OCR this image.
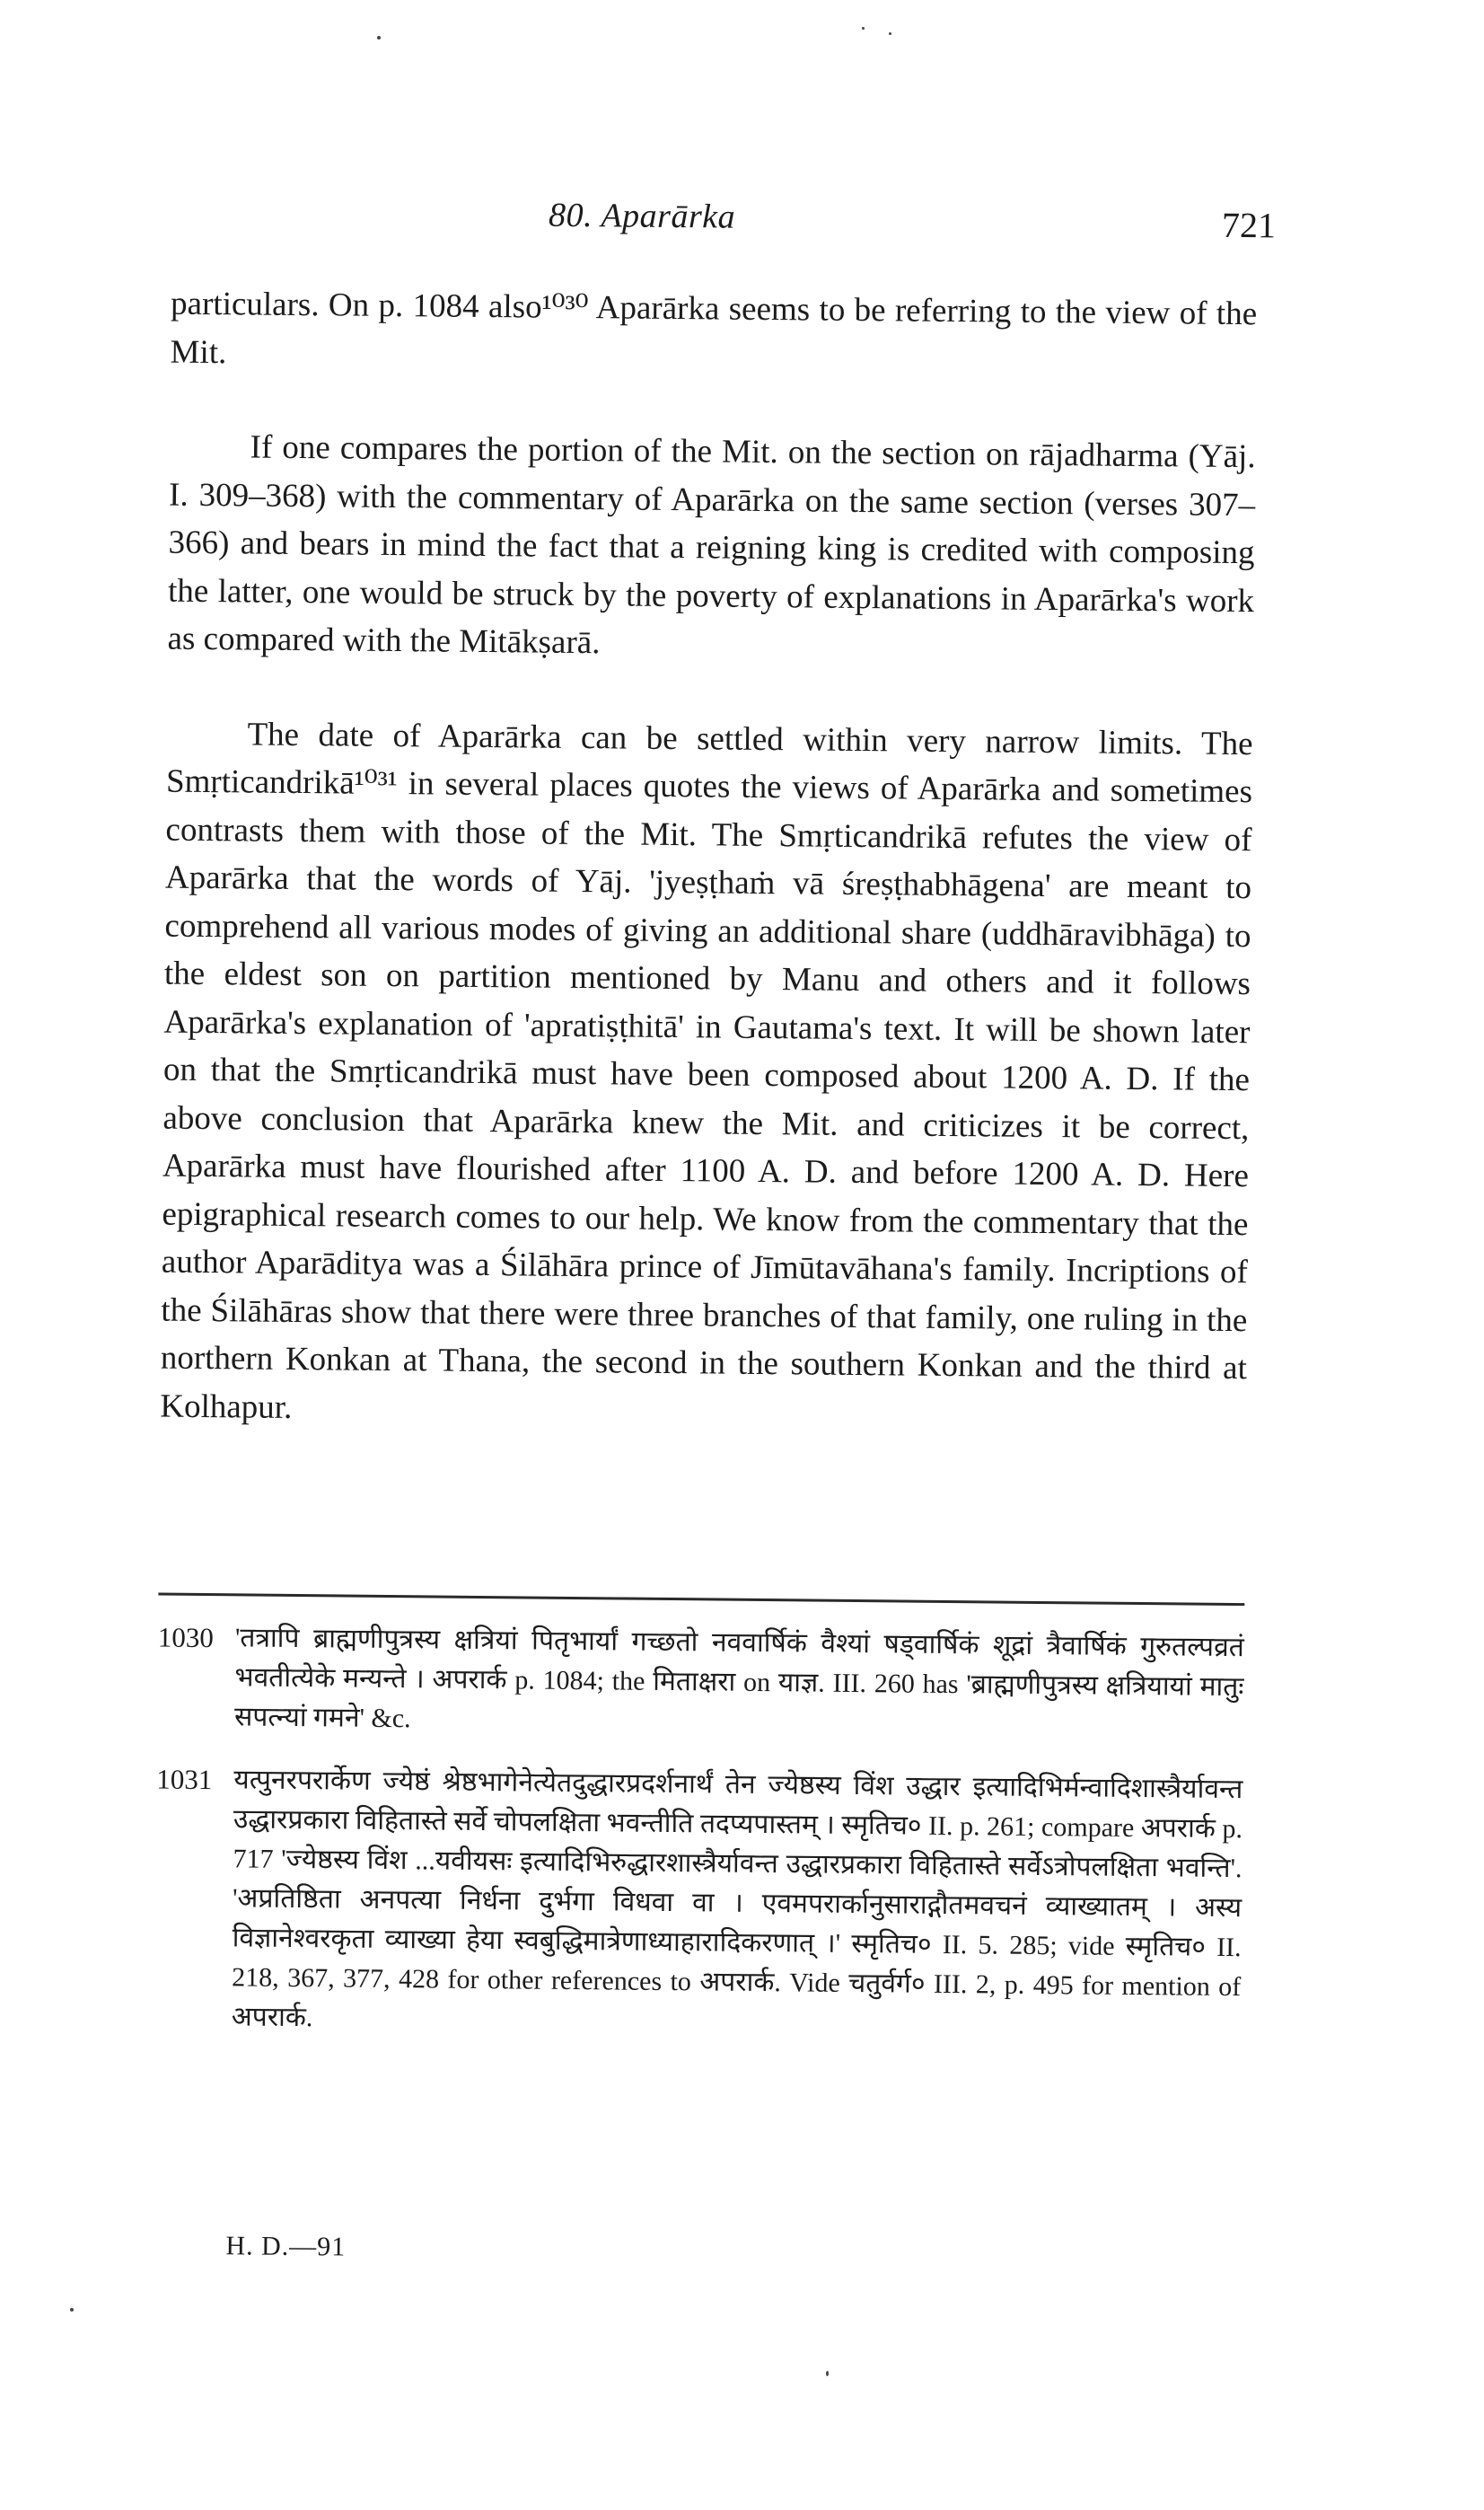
80. Aparārka	721

particulars. On p. 1084 also¹⁰³⁰ Aparārka seems to be referring to the view of the Mit.

If one compares the portion of the Mit. on the section on rājadharma (Yāj. I. 309–368) with the commentary of Aparārka on the same section (verses 307–366) and bears in mind the fact that a reigning king is credited with composing the latter, one would be struck by the poverty of explanations in Aparārka's work as compared with the Mitākṣarā.

The date of Aparārka can be settled within very narrow limits. The Smṛticandrikā¹⁰³¹ in several places quotes the views of Aparārka and sometimes contrasts them with those of the Mit. The Smṛticandrikā refutes the view of Aparārka that the words of Yāj. 'jyeṣṭhaṁ vā śreṣṭhabhāgena' are meant to comprehend all various modes of giving an additional share (uddhāravibhāga) to the eldest son on partition mentioned by Manu and others and it follows Aparārka's explanation of 'apratiṣṭhitā' in Gautama's text. It will be shown later on that the Smṛticandrikā must have been composed about 1200 A. D. If the above conclusion that Aparārka knew the Mit. and criticizes it be correct, Aparārka must have flourished after 1100 A. D. and before 1200 A. D. Here epigraphical research comes to our help. We know from the commentary that the author Aparāditya was a Śilāhāra prince of Jīmūtavāhana's family. Incriptions of the Śilāhāras show that there were three branches of that family, one ruling in the northern Konkan at Thana, the second in the southern Konkan and the third at Kolhapur.

1030 'तत्रापि ब्राह्मणीपुत्रस्य क्षत्रियां पितृभार्यां गच्छतो नववार्षिकं वैश्यां षड्वार्षिकं शूद्रां त्रैवार्षिकं गुरुतल्पव्रतं भवतीत्येके मन्यन्ते । अपरार्क p. 1084; the मिताक्षरा on याज्ञ. III. 260 has 'ब्राह्मणीपुत्रस्य क्षत्रियायां मातुः सपत्न्यां गमने' &c.
1031 यत्पुनरपरार्केण ज्येष्ठं श्रेष्ठभागेनेत्येतदुद्धारप्रदर्शनार्थं तेन ज्येष्ठस्य विंश उद्धार इत्यादिभिर्मन्वादिशास्त्रैर्यावन्त उद्धारप्रकारा विहितास्ते सर्वे चोपलक्षिता भवन्तीति तदप्यपास्तम् । स्मृतिच० II. p. 261; compare अपरार्क p. 717 'ज्येष्ठस्य विंश ...यवीयसः इत्यादिभिरुद्धारशास्त्रैर्यावन्त उद्धारप्रकारा विहितास्ते सर्वेऽत्रोपलक्षिता भवन्ति'. 'अप्रतिष्ठिता अनपत्या निर्धना दुर्भगा विधवा वा । एवमपरार्कानुसाराद्गौतमवचनं व्याख्यातम् । अस्य विज्ञानेश्वरकृता व्याख्या हेया स्वबुद्धिमात्रेणाध्याहारादिकरणात् ।' स्मृतिच० II. 5. 285; vide स्मृतिच० II. 218, 367, 377, 428 for other references to अपरार्क. Vide चतुर्वर्ग० III. 2, p. 495 for mention of अपरार्क.
H. D.—91
